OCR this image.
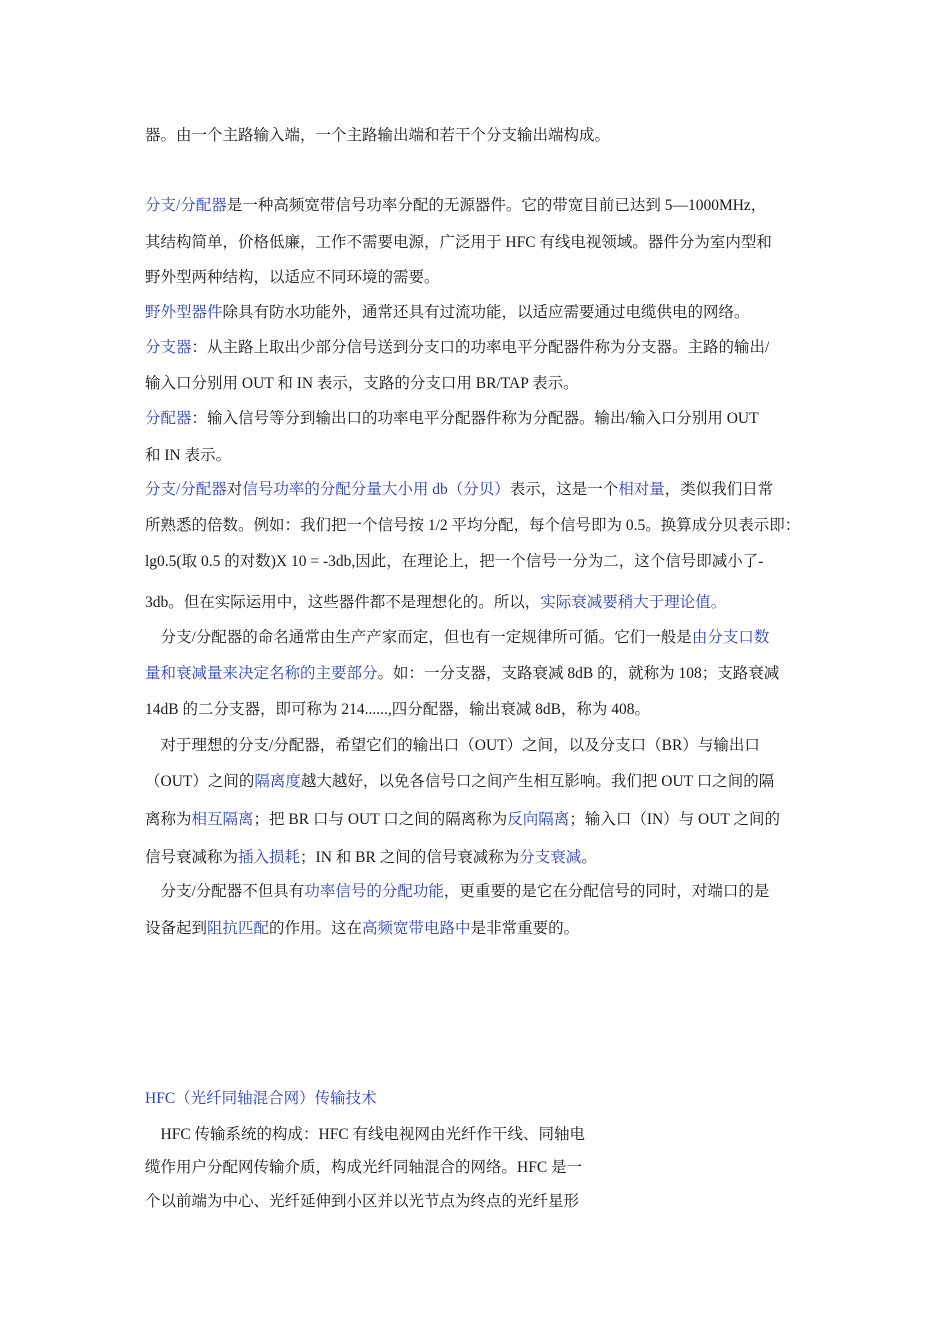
器。由一个主路输入端，一个主路输出端和若干个分支输出端构成。
分支/分配器是一种高频宽带信号功率分配的无源器件。它的带宽目前已达到 5—1000MHz，
其结构简单，价格低廉，工作不需要电源，广泛用于 HFC 有线电视领域。器件分为室内型和
野外型两种结构，以适应不同环境的需要。
野外型器件除具有防水功能外，通常还具有过流功能，以适应需要通过电缆供电的网络。
分支器：从主路上取出少部分信号送到分支口的功率电平分配器件称为分支器。主路的输出/
输入口分别用 OUT 和 IN 表示，支路的分支口用 BR/TAP 表示。
分配器：输入信号等分到输出口的功率电平分配器件称为分配器。输出/输入口分别用 OUT
和 IN 表示。
分支/分配器对信号功率的分配分量大小用 db（分贝）表示，这是一个相对量，类似我们日常
所熟悉的倍数。例如：我们把一个信号按 1/2 平均分配，每个信号即为 0.5。换算成分贝表示即：
lg0.5(取 0.5 的对数)X 10 = -3db,因此，在理论上，把一个信号一分为二，这个信号即减小了-
3db。但在实际运用中，这些器件都不是理想化的。所以，实际衰减要稍大于理论值。
　分支/分配器的命名通常由生产产家而定，但也有一定规律所可循。它们一般是由分支口数
量和衰减量来决定名称的主要部分。如：一分支器，支路衰减 8dB 的，就称为 108；支路衰减
14dB 的二分支器，即可称为 214......,四分配器，输出衰减 8dB，称为 408。
　对于理想的分支/分配器，希望它们的输出口（OUT）之间，以及分支口（BR）与输出口
（OUT）之间的隔离度越大越好，以免各信号口之间产生相互影响。我们把 OUT 口之间的隔
离称为相互隔离；把 BR 口与 OUT 口之间的隔离称为反向隔离；输入口（IN）与 OUT 之间的
信号衰减称为插入损耗；IN 和 BR 之间的信号衰减称为分支衰减。
　分支/分配器不但具有功率信号的分配功能，更重要的是它在分配信号的同时，对端口的是
设备起到阻抗匹配的作用。这在高频宽带电路中是非常重要的。
HFC（光纤同轴混合网）传输技术
　HFC 传输系统的构成：HFC 有线电视网由光纤作干线、同轴电
缆作用户分配网传输介质，构成光纤同轴混合的网络。HFC 是一
个以前端为中心、光纤延伸到小区并以光节点为终点的光纤星形
